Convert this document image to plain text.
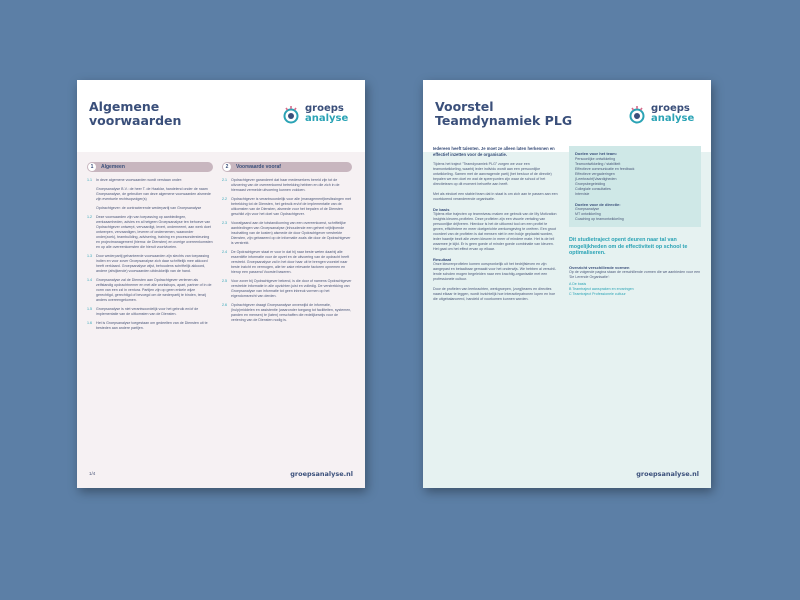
Algemene
voorwaarden
groeps
analyse
1	Algemeen
1.1	In deze algemene voorwaarden wordt verstaan onder:

Groepsanalyse B.V.: de heer T. de Haaklar, handelend onder de naam Groepsanalyse, de gebruiker van deze algemene voorwaarden alsmede zijn eventuele rechtsopvolger(s)

Opdrachtgever: de contracterende wederpartij van Groepsanalyse

1.2	Deze voorwaarden zijn van toepassing op aanbiedingen, werkzaamheden, advies en al hetgeen Groepsanalyse ten behoeve van Opdrachtgever ontwerpt, vervaardigt, levert, onderneemt, aan werk doet ontwerpen, vervaardigen, leveren of ondernemen, waaronder onder(zoek), teambuilding, advisering, training en procesondersteuning en projectmanagement (hierna: de Diensten) en overige overeenkomsten en op alle overeenkomsten die hieruit voortvloeien.
1.3	Door wederpartij gehanteerde voorwaarden zijn slechts van toepassing indien en voor zover Groepsanalyse zich daar schriftelijk mee akkoord heeft verklaard. Groepsanalyse wijst, behoudens schriftelijk akkoord, andere (afwijkende) voorwaarden uitdrukkelijk van de hand.
1.4	Groepsanalyse zal de Diensten aan Opdrachtgever verlenen als zelfstandig opdrachtnemer en met alle workshops, apart, partner of in de vorm van een zzl in ventura. Partijen zijn op geen enkele wijze gerechtigd, gerechtigd of bevoegd om de wederpartij te binden, tenzij anders overeengekomen.
1.5	Groepsanalyse is niet verantwoordelijk voor het gebruik en/of de implementatie van de uitkomsten van de Diensten.
1.6	Het is Groepsanalyse toegestaan om gedeelten van de Diensten uit te besteden aan andere partijen.
2	Voorwaarde vooraf
2.1	Opdrachtgever garandeert dat haar medewerkers bereid zijn tot de uitvoering van de overeenkomst betrekking hebben en die zich in de hiernaast vermelde uitvoering kunnen voldoen.
2.2	Opdrachtgever is verantwoordelijk voor alle (management)beslissingen met betrekking tot de Diensten, het gebruik en/of de implementatie van de uitkomsten van de Diensten, alsmede voor het bepalen of de Diensten geschikt zijn voor het doel van Opdrachtgever.
2.3	Voorafgaand aan de totstandkoming van een overeenkomst, schriftelijke aanbiedingen van Groepsanalyse (inhoudende een geheel vrijblijvende inschatting van de kosten) alsmede de door Opdrachtgever verstrekte Diensten, zijn gebaseerd op de informatie zoals die door de Opdrachtgever is verstrekt.
2.4	De Opdrachtgever staat er voor in dat hij naar beste weten daarbij alle essentiële informatie voor de opzet en de uitvoering van de opdracht heeft verstrekt. Groepsanalyse zal in het door haar uit te brengen voorstel naar beste inzicht en vermogen, alle ter zake relevante factoren opnemen en hierop een passend Voorstel baseren.
2.5	Voor zover bij Opdrachtgever bekend, is die door of namens Opdrachtgever verstrekte informatie in alle opzichten juist en volledig. De verstrekking van Groepsanalyse van informatie tot geen inbreuk vormen op het eigendomsrecht van derden.
2.6	Opdrachtgever draagt Groepsanalyse onverwijld de informatie, (hulp)middelen en assistentie (waaronder toegang tot faciliteiten, systemen, panden en mensen) te (laten) verschaffen die redelijkerwijs voor de verlening van de Diensten nodig is.
1/4	groepsanalyse.nl
Voorstel
Teamdynamiek PLG
groeps
analyse
Iedereen heeft talenten. Je moet ze alleen laten herkennen en effectief inzetten voor de organisatie.
Tijdens het traject "Teamdynamiek PLG" zorgen we voor een teamontwikkeling, waarbij ieder individu wordt aan een persoonlijke ontwikkeling. Samen met de aanvragende partij (het bestuur of de directie) bepalen we een doel en wat de speerpunten zijn waar de school of het directieteam op dit moment behoefte aan heeft.
Met als eindoel een stabiel team dat in staat is om zich aan te passen aan een voortdurend veranderende organisatie.
De basis
Tijdens elke trajecten op teamniveau maken we gebruik van de My Motivation Insights kleuren-profielen. Deze profielen zijn een visuele vertaling van persoonlijke drijfveren. Hierdoor is het de uitkomst tool om een profiel te geven, efficiëntere en meer doelgerichte werkomgeving te creëren. Een groot voordeel van de profielen is dat mensen niet in een hokje geplaatst worden, ieder haantje bezit alle zeven kleuren in meer of mindere mate. Het is de bril waarmee je kijkt. Er is geen goede of minder goede combinatie van kleuren. Het gaat om het effect ervan op elkaar.
Resultaat
Onze kleurenprofielen komen oorspronkelijk uit het bedrijfsleven en zijn aangepast en betaalbaar gemaakt voor het onderwijs. We hebben al verschil-lende scholen mogen begeleiden naar een krachtig-organisatie met een professionele cultuur.
Door de profielen van leerkrachten, werkgroepen, (zorg)teams en directies naast elkaar te leggen, wordt inzichtelijk hoe interactiepatronen lopen en hoe die uitgebalanceerd, handeld of voorkomen kunnen worden.
Doelen voor het team:
Persoonlijke ontwikkeling
Teamontwikkeling / stabiliteit
Effectieve communicatie en feedback
Effectieve vergaderingen
(Leerkracht)Vaardigheden
Groepsbegeleiding
Collegiale consultaties
Intervisie
Doelen voor de directie:
Groepsanalyse
MT ontwikkeling
Coaching op teamontwikkeling
Dit studietraject opent deuren naar tal van mogelijkheden om de effectiviteit op school te optimaliseren.
Overzicht verschillende vormen
Op de volgende pagina staan de verschillende vormen die we aanbieden voor een 'De Lerende Organisatie':
A De basis
B Teamtraject aanspraken en ervaringen
C Teamtraject Professionele cultuur
groepsanalyse.nl
